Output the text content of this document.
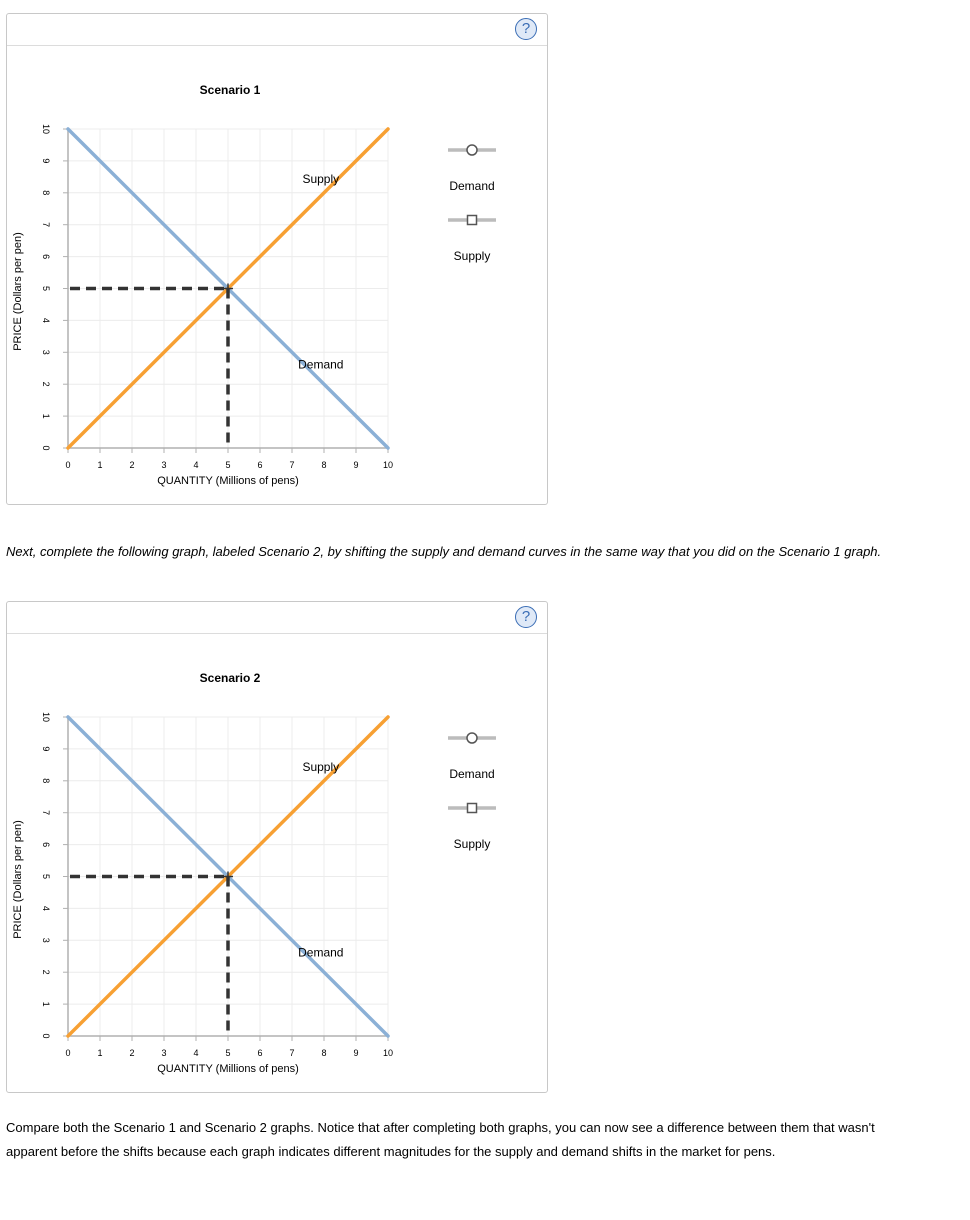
?
Scenario 1
0	1	2	3	4	5	6	7	8	9	10
0
1
2
3
4
5
6
7
8
9
10
QUANTITY (Millions of pens)
PRICE (Dollars per pen)
Supply
Demand
Demand
Supply
Next, complete the following graph, labeled Scenario 2, by shifting the supply and demand curves in the same way that you did on the Scenario 1 graph.
?
Scenario 2
0	1	2	3	4	5	6	7	8	9	10
0
1
2
3
4
5
6
7
8
9
10
QUANTITY (Millions of pens)
PRICE (Dollars per pen)
Supply
Demand
Demand
Supply
Compare both the Scenario 1 and Scenario 2 graphs. Notice that after completing both graphs, you can now see a difference between them that wasn't apparent before the shifts because each graph indicates different magnitudes for the supply and demand shifts in the market for pens.
